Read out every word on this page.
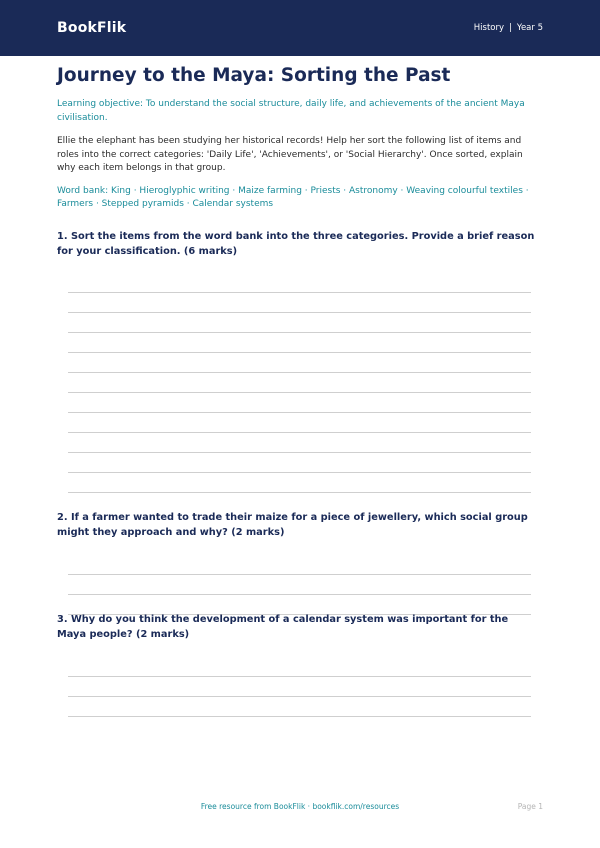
BookFlik	History | Year 5
Journey to the Maya: Sorting the Past

Learning objective: To understand the social structure, daily life, and achievements of the ancient Maya civilisation.

Ellie the elephant has been studying her historical records! Help her sort the following list of items and roles into the correct categories: 'Daily Life', 'Achievements', or 'Social Hierarchy'. Once sorted, explain why each item belongs in that group.

Word bank: King · Hieroglyphic writing · Maize farming · Priests · Astronomy · Weaving colourful textiles · Farmers · Stepped pyramids · Calendar systems

1. Sort the items from the word bank into the three categories. Provide a brief reason for your classification. (6 marks)

2. If a farmer wanted to trade their maize for a piece of jewellery, which social group might they approach and why? (2 marks)

3. Why do you think the development of a calendar system was important for the Maya people? (2 marks)

Free resource from BookFlik · bookflik.com/resources	Page 1
